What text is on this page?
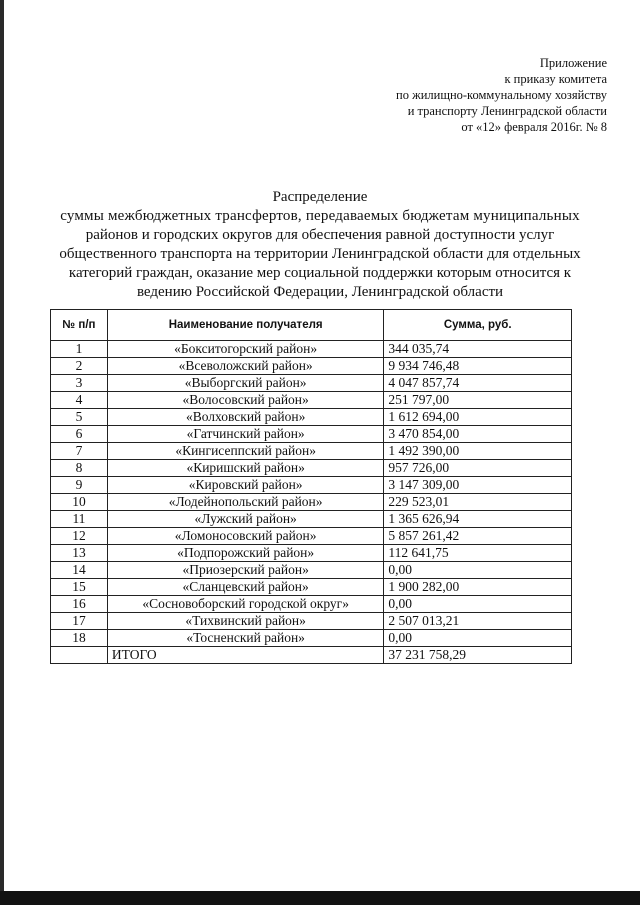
Приложение
к приказу комитета
по жилищно-коммунальному хозяйству
и транспорту Ленинградской области
от «12» февраля 2016г. № 8
Распределение
суммы межбюджетных трансфертов, передаваемых бюджетам муниципальных
районов и городских округов для обеспечения равной доступности услуг
общественного транспорта на территории Ленинградской области для отдельных
категорий граждан, оказание мер социальной поддержки которым относится к
ведению Российской Федерации, Ленинградской области
№ п/п	Наименование получателя	Сумма, руб.
1	«Бокситогорский район»	344 035,74
2	«Всеволожский район»	9 934 746,48
3	«Выборгский район»	4 047 857,74
4	«Волосовский район»	251 797,00
5	«Волховский район»	1 612 694,00
6	«Гатчинский район»	3 470 854,00
7	«Кингисеппский район»	1 492 390,00
8	«Киришский район»	957 726,00
9	«Кировский район»	3 147 309,00
10	«Лодейнопольский район»	229 523,01
11	«Лужский район»	1 365 626,94
12	«Ломоносовский район»	5 857 261,42
13	«Подпорожский район»	112 641,75
14	«Приозерский район»	0,00
15	«Сланцевский район»	1 900 282,00
16	«Сосновоборский городской округ»	0,00
17	«Тихвинский район»	2 507 013,21
18	«Тосненский район»	0,00
	ИТОГО	37 231 758,29
